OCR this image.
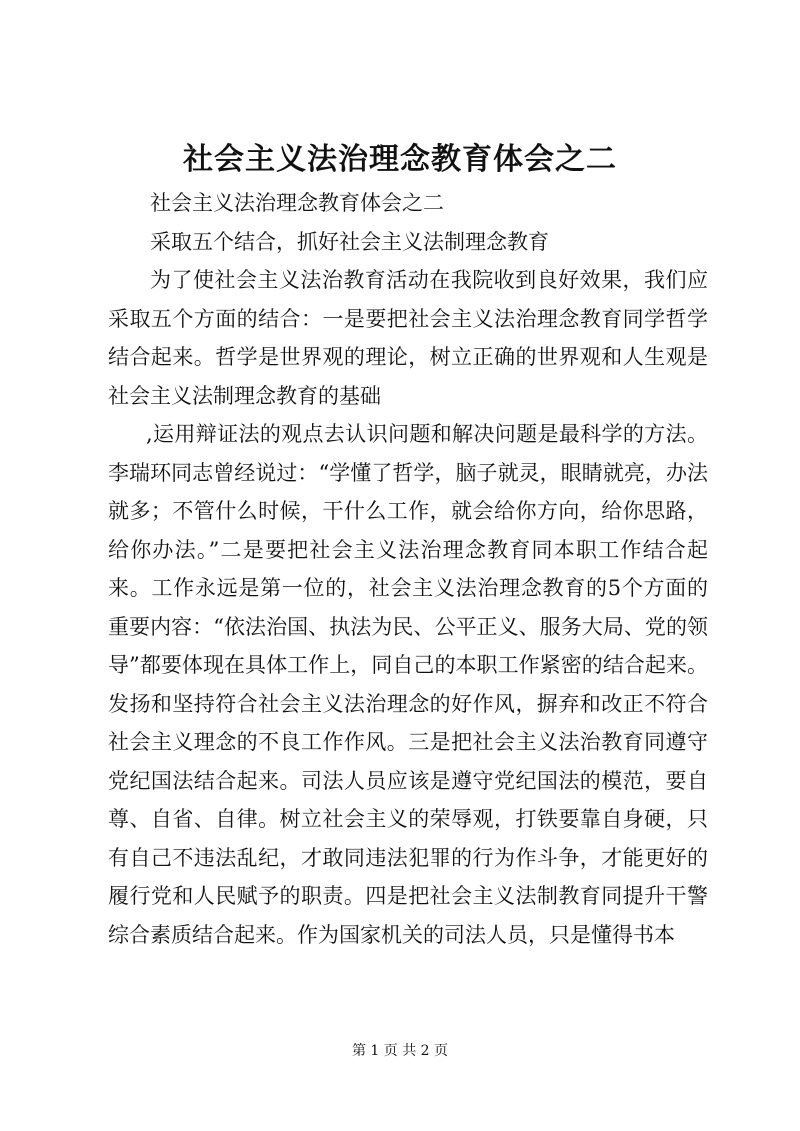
社会主义法治理念教育体会之二

社会主义法治理念教育体会之二

采取五个结合，抓好社会主义法制理念教育

为了使社会主义法治教育活动在我院收到良好效果，我们应采取五个方面的结合：一是要把社会主义法治理念教育同学哲学结合起来。哲学是世界观的理论，树立正确的世界观和人生观是社会主义法制理念教育的基础

,运用辩证法的观点去认识问题和解决问题是最科学的方法。李瑞环同志曾经说过：“学懂了哲学，脑子就灵，眼睛就亮，办法就多；不管什么时候，干什么工作，就会给你方向，给你思路，给你办法。”二是要把社会主义法治理念教育同本职工作结合起来。工作永远是第一位的，社会主义法治理念教育的5个方面的重要内容：“依法治国、执法为民、公平正义、服务大局、党的领导”都要体现在具体工作上，同自己的本职工作紧密的结合起来。发扬和坚持符合社会主义法治理念的好作风，摒弃和改正不符合社会主义理念的不良工作作风。三是把社会主义法治教育同遵守党纪国法结合起来。司法人员应该是遵守党纪国法的模范，要自尊、自省、自律。树立社会主义的荣辱观，打铁要靠自身硬，只有自己不违法乱纪，才敢同违法犯罪的行为作斗争，才能更好的履行党和人民赋予的职责。四是把社会主义法制教育同提升干警综合素质结合起来。作为国家机关的司法人员，只是懂得书本

第 1 页 共 2 页
